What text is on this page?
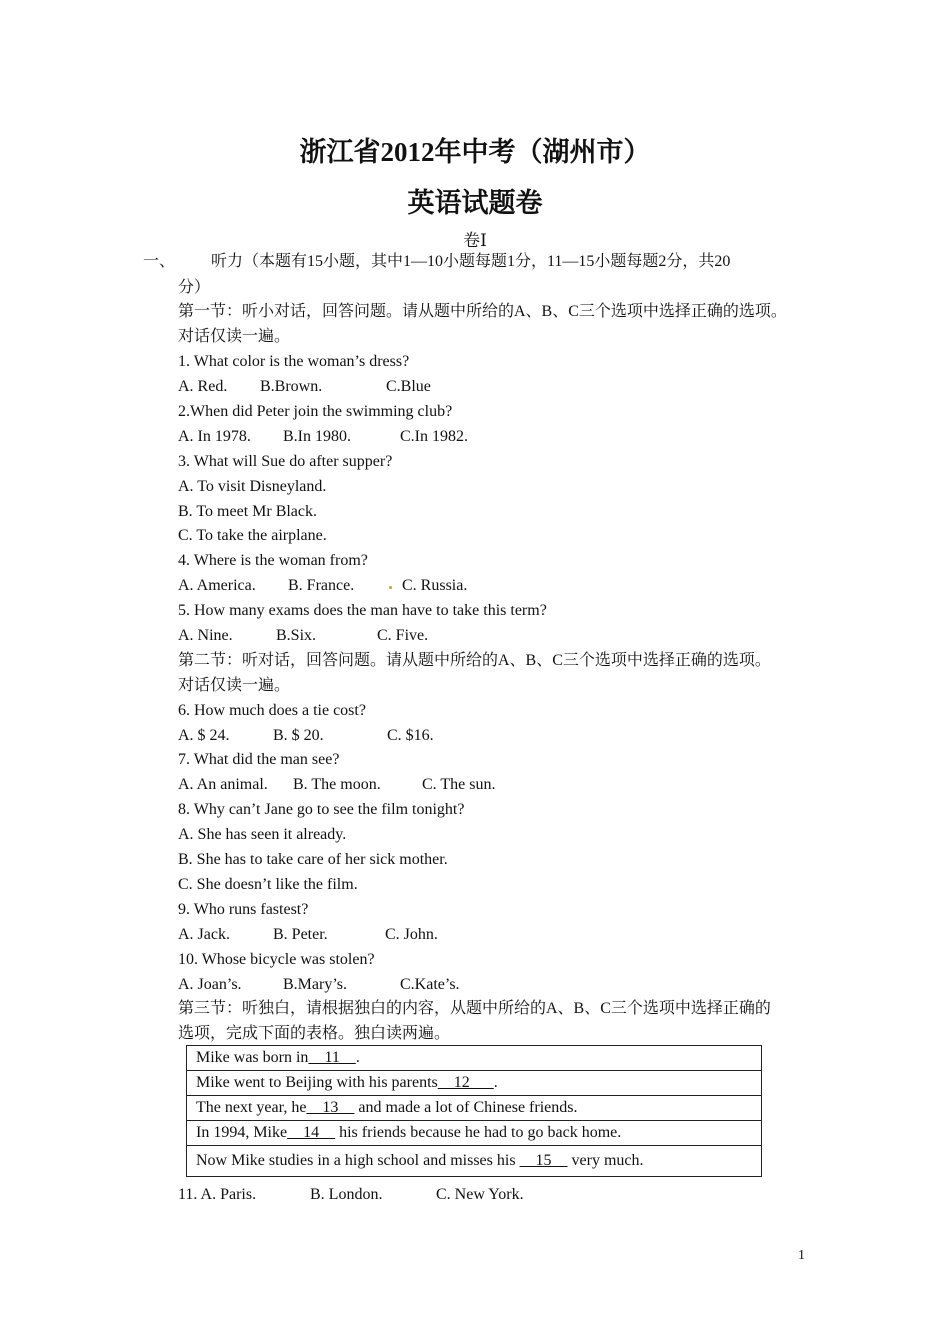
浙江省2012年中考（湖州市）
英语试题卷
卷Ⅰ
一、 听力（本题有15小题，其中1—10小题每题1分，11—15小题每题2分，共20
分）
第一节：听小对话，回答问题。请从题中所给的A、B、C三个选项中选择正确的选项。
对话仅读一遍。
1. What color is the woman’s dress?
A. Red. B.Brown.	C.Blue
2.When did Peter join the swimming club?
A. In 1978. B.In 1980.	C.In 1982.
3. What will Sue do after supper?
A. To visit Disneyland.
B. To meet Mr Black.
C. To take the airplane.
4. Where is the woman from?
A. America. B. France.	C. Russia.
5. How many exams does the man have to take this term?
A. Nine.	B.Six.	C. Five.
第二节：听对话，回答问题。请从题中所给的A、B、C三个选项中选择正确的选项。
对话仅读一遍。
6. How much does a tie cost?
A. $ 24.	B. $ 20.	C. $16.
7. What did the man see?
A. An animal. B. The moon.	C. The sun.
8. Why can’t Jane go to see the film tonight?
A. She has seen it already.
B. She has to take care of her sick mother.
C. She doesn’t like the film.
9. Who runs fastest?
A. Jack.	B. Peter.	C. John.
10. Whose bicycle was stolen?
A. Joan’s.	B.Mary’s.	C.Kate’s.
第三节：听独白，请根据独白的内容，从题中所给的A、B、C三个选项中选择正确的
选项，完成下面的表格。独白读两遍。
Mike was born in    11    .
Mike went to Beijing with his parents    12      .
The next year, he    13     and made a lot of Chinese friends.
In 1994, Mike    14     his friends because he had to go back home.
Now Mike studies in a high school and misses his     15     very much.
11. A. Paris.	B. London.	C. New York.
1
